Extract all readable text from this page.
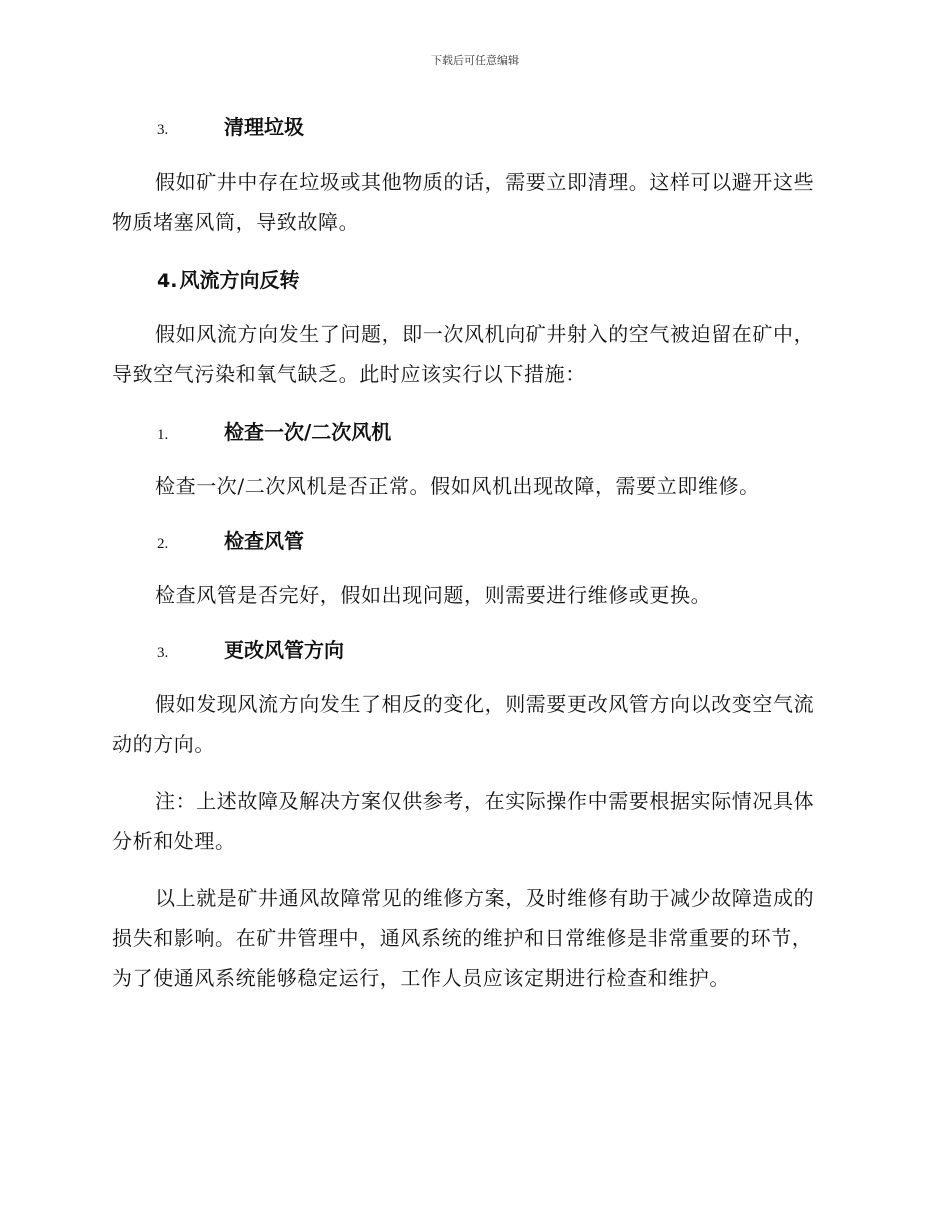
下载后可任意编辑
3.	清理垃圾
假如矿井中存在垃圾或其他物质的话，需要立即清理。这样可以避开这些物质堵塞风筒，导致故障。
4. 风流方向反转
假如风流方向发生了问题，即一次风机向矿井射入的空气被迫留在矿中，导致空气污染和氧气缺乏。此时应该实行以下措施：
1.	检查一次/二次风机
检查一次/二次风机是否正常。假如风机出现故障，需要立即维修。
2.	检查风管
检查风管是否完好，假如出现问题，则需要进行维修或更换。
3.	更改风管方向
假如发现风流方向发生了相反的变化，则需要更改风管方向以改变空气流动的方向。
注：上述故障及解决方案仅供参考，在实际操作中需要根据实际情况具体分析和处理。
以上就是矿井通风故障常见的维修方案，及时维修有助于减少故障造成的损失和影响。在矿井管理中，通风系统的维护和日常维修是非常重要的环节，为了使通风系统能够稳定运行，工作人员应该定期进行检查和维护。
